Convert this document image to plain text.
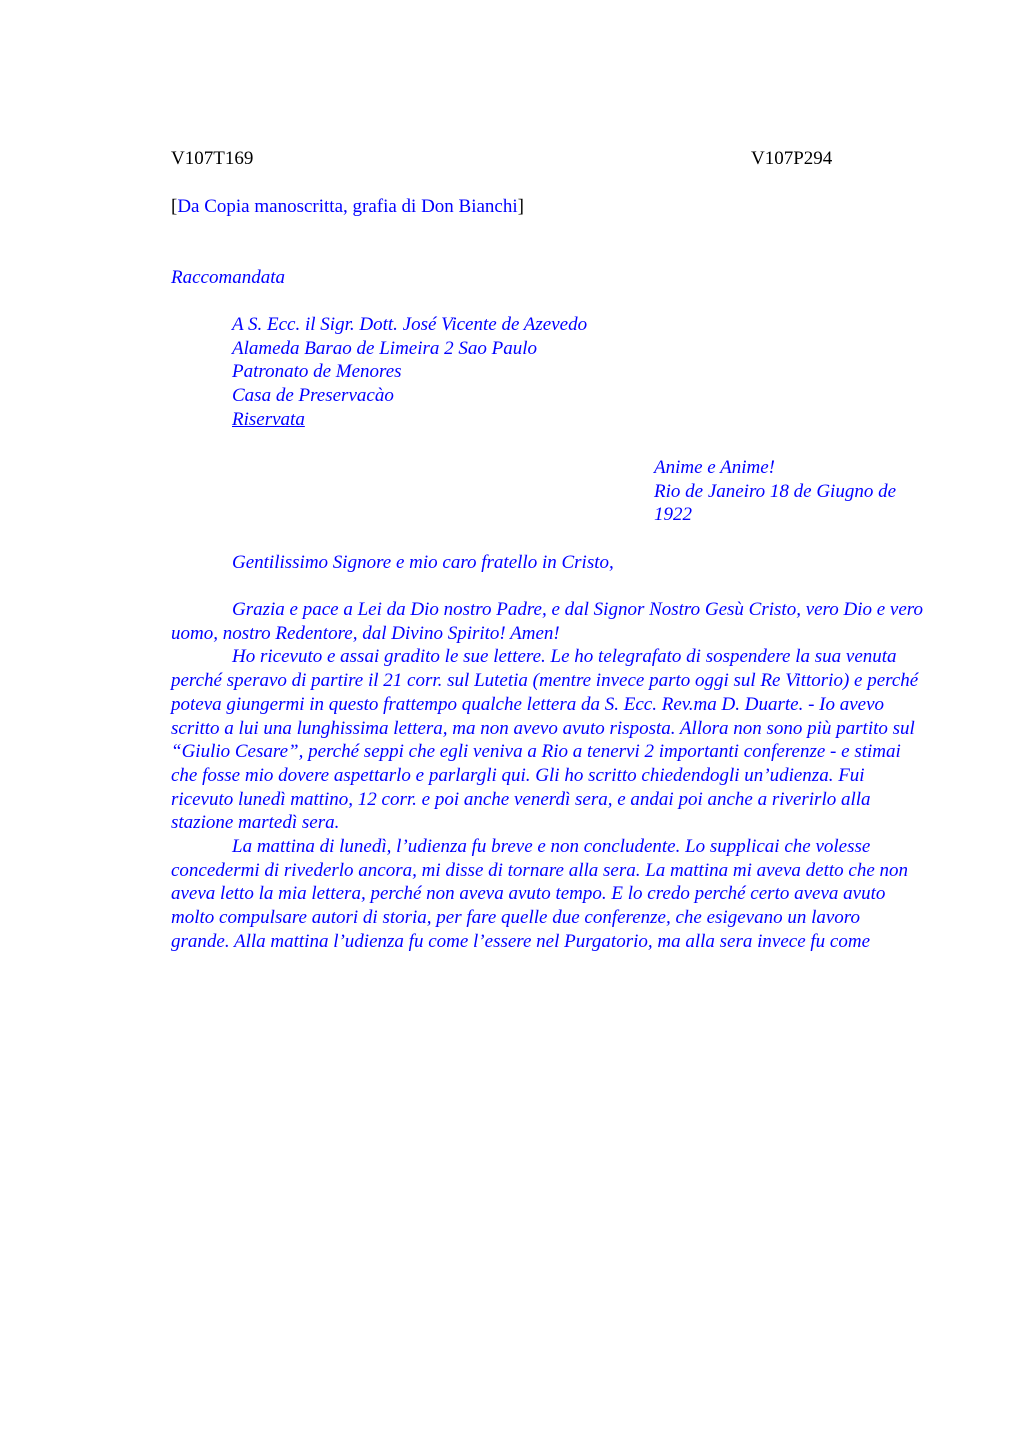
V107T169	V107P294
[Da Copia manoscritta, grafia di Don Bianchi]
Raccomandata
A S. Ecc. il Sigr. Dott. José Vicente de Azevedo
Alameda Barao de Limeira 2 Sao Paulo
Patronato de Menores
Casa de Preservacào
Riservata
Anime e Anime!
Rio de Janeiro 18 de Giugno de 1922
Gentilissimo Signore e mio caro fratello in Cristo,

Grazia e pace a Lei da Dio nostro Padre, e dal Signor Nostro Gesù Cristo, vero Dio e vero uomo, nostro Redentore, dal Divino Spirito! Amen!

Ho ricevuto e assai gradito le sue lettere. Le ho telegrafato di sospendere la sua venuta perché speravo di partire il 21 corr. sul Lutetia (mentre invece parto oggi sul Re Vittorio) e perché poteva giungermi in questo frattempo qualche lettera da S. Ecc. Rev.ma D. Duarte. - Io avevo scritto a lui una lunghissima lettera, ma non avevo avuto risposta. Allora non sono più partito sul “Giulio Cesare”, perché seppi che egli veniva a Rio a tenervi 2 importanti conferenze - e stimai che fosse mio dovere aspettarlo e parlargli qui. Gli ho scritto chiedendogli un’udienza. Fui ricevuto lunedì mattino, 12 corr. e poi anche venerdì sera, e andai poi anche a riverirlo alla stazione martedì sera.

La mattina di lunedì, l’udienza fu breve e non concludente. Lo supplicai che volesse concedermi di rivederlo ancora, mi disse di tornare alla sera. La mattina mi aveva detto che non aveva letto la mia lettera, perché non aveva avuto tempo. E lo credo perché certo aveva avuto molto compulsare autori di storia, per fare quelle due conferenze, che esigevano un lavoro grande. Alla mattina l’udienza fu come l’essere nel Purgatorio, ma alla sera invece fu come
